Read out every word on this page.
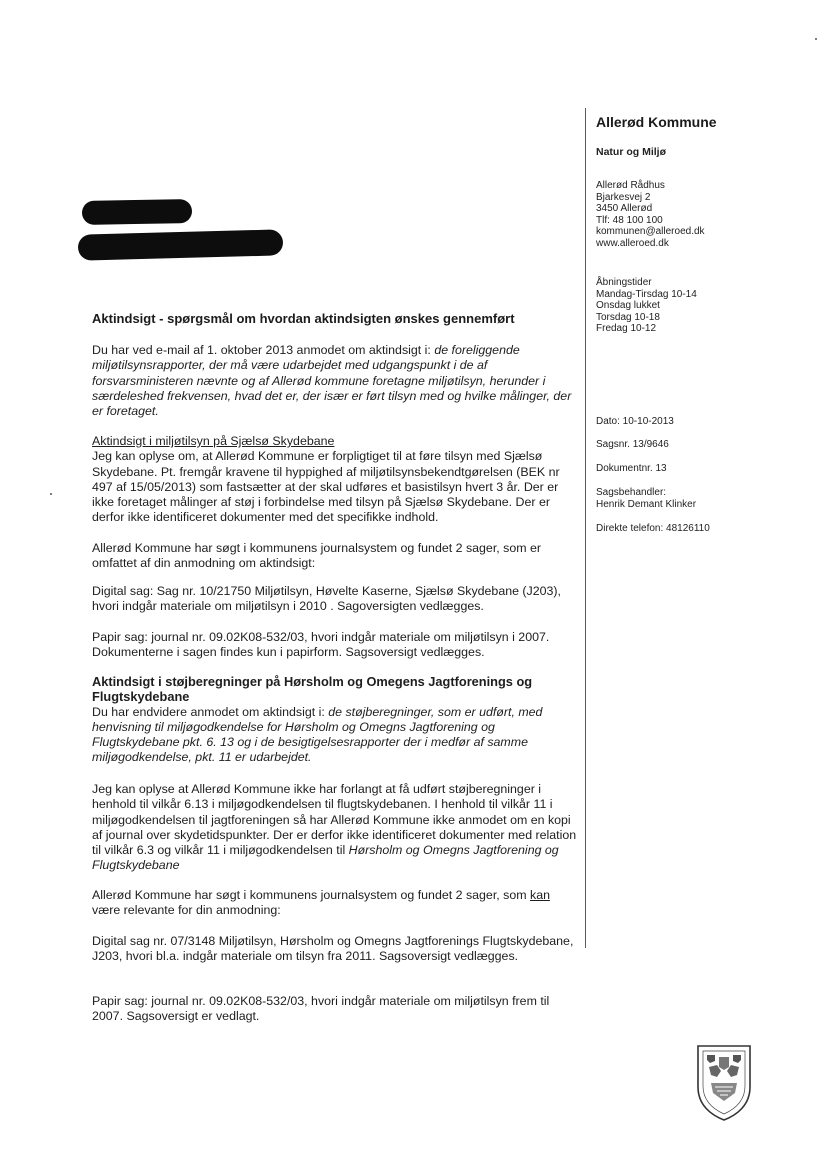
Allerød Kommune
Natur og Miljø
Allerød Rådhus
Bjarkesvej 2
3450 Allerød
Tlf: 48 100 100
kommunen@alleroed.dk
www.alleroed.dk
Åbningstider
Mandag-Tirsdag 10-14
Onsdag lukket
Torsdag 10-18
Fredag 10-12
Dato: 10-10-2013
Sagsnr. 13/9646
Dokumentnr. 13
Sagsbehandler:
Henrik Demant Klinker
Direkte telefon: 48126110
Aktindsigt - spørgsmål om hvordan aktindsigten ønskes gennemført

Du har ved e-mail af 1. oktober 2013 anmodet om aktindsigt i: de foreliggende miljøtilsynsrapporter, der må være udarbejdet med udgangspunkt i de af forsvarsministeren nævnte og af Allerød kommune foretagne miljøtilsyn, herunder i særdeleshed frekvensen, hvad det er, der især er ført tilsyn med og hvilke målinger, der er foretaget.

Aktindsigt i miljøtilsyn på Sjælsø Skydebane

Jeg kan oplyse om, at Allerød Kommune er forpligtiget til at føre tilsyn med Sjælsø Skydebane. Pt. fremgår kravene til hyppighed af miljøtilsynsbekendtgørelsen (BEK nr 497 af 15/05/2013) som fastsætter at der skal udføres et basistilsyn hvert 3 år. Der er ikke foretaget målinger af støj i forbindelse med tilsyn på Sjælsø Skydebane. Der er derfor ikke identificeret dokumenter med det specifikke indhold.

Allerød Kommune har søgt i kommunens journalsystem og fundet 2 sager, som er omfattet af din anmodning om aktindsigt:
Digital sag: Sag nr. 10/21750 Miljøtilsyn, Høvelte Kaserne, Sjælsø Skydebane (J203), hvori indgår materiale om miljøtilsyn i 2010 . Sagoversigten vedlægges.
Papir sag: journal nr. 09.02K08-532/03, hvori indgår materiale om miljøtilsyn i 2007. Dokumenterne i sagen findes kun i papirform. Sagsoversigt vedlægges.

Aktindsigt i støjberegninger på Hørsholm og Omegens Jagtforenings og Flugtskydebane

Du har endvidere anmodet om aktindsigt i: de støjberegninger, som er udført, med henvisning til miljøgodkendelse for Hørsholm og Omegns Jagtforening og Flugtskydebane pkt. 6. 13 og i de besigtigelsesrapporter der i medfør af samme miljøgodkendelse, pkt. 11 er udarbejdet.

Jeg kan oplyse at Allerød Kommune ikke har forlangt at få udført støjberegninger i henhold til vilkår 6.13 i miljøgodkendelsen til flugtskydebanen. I henhold til vilkår 11 i miljøgodkendelsen til jagtforeningen så har Allerød Kommune ikke anmodet om en kopi af journal over skydetidspunkter. Der er derfor ikke identificeret dokumenter med relation til vilkår 6.3 og vilkår 11 i miljøgodkendelsen til Hørsholm og Omegns Jagtforening og Flugtskydebane

Allerød Kommune har søgt i kommunens journalsystem og fundet 2 sager, som kan være relevante for din anmodning:

Digital sag nr. 07/3148 Miljøtilsyn, Hørsholm og Omegns Jagtforenings Flugtskydebane, J203, hvori bl.a. indgår materiale om tilsyn fra 2011. Sagsoversigt vedlægges.
Papir sag: journal nr. 09.02K08-532/03, hvori indgår materiale om miljøtilsyn frem til 2007. Sagsoversigt er vedlagt.
